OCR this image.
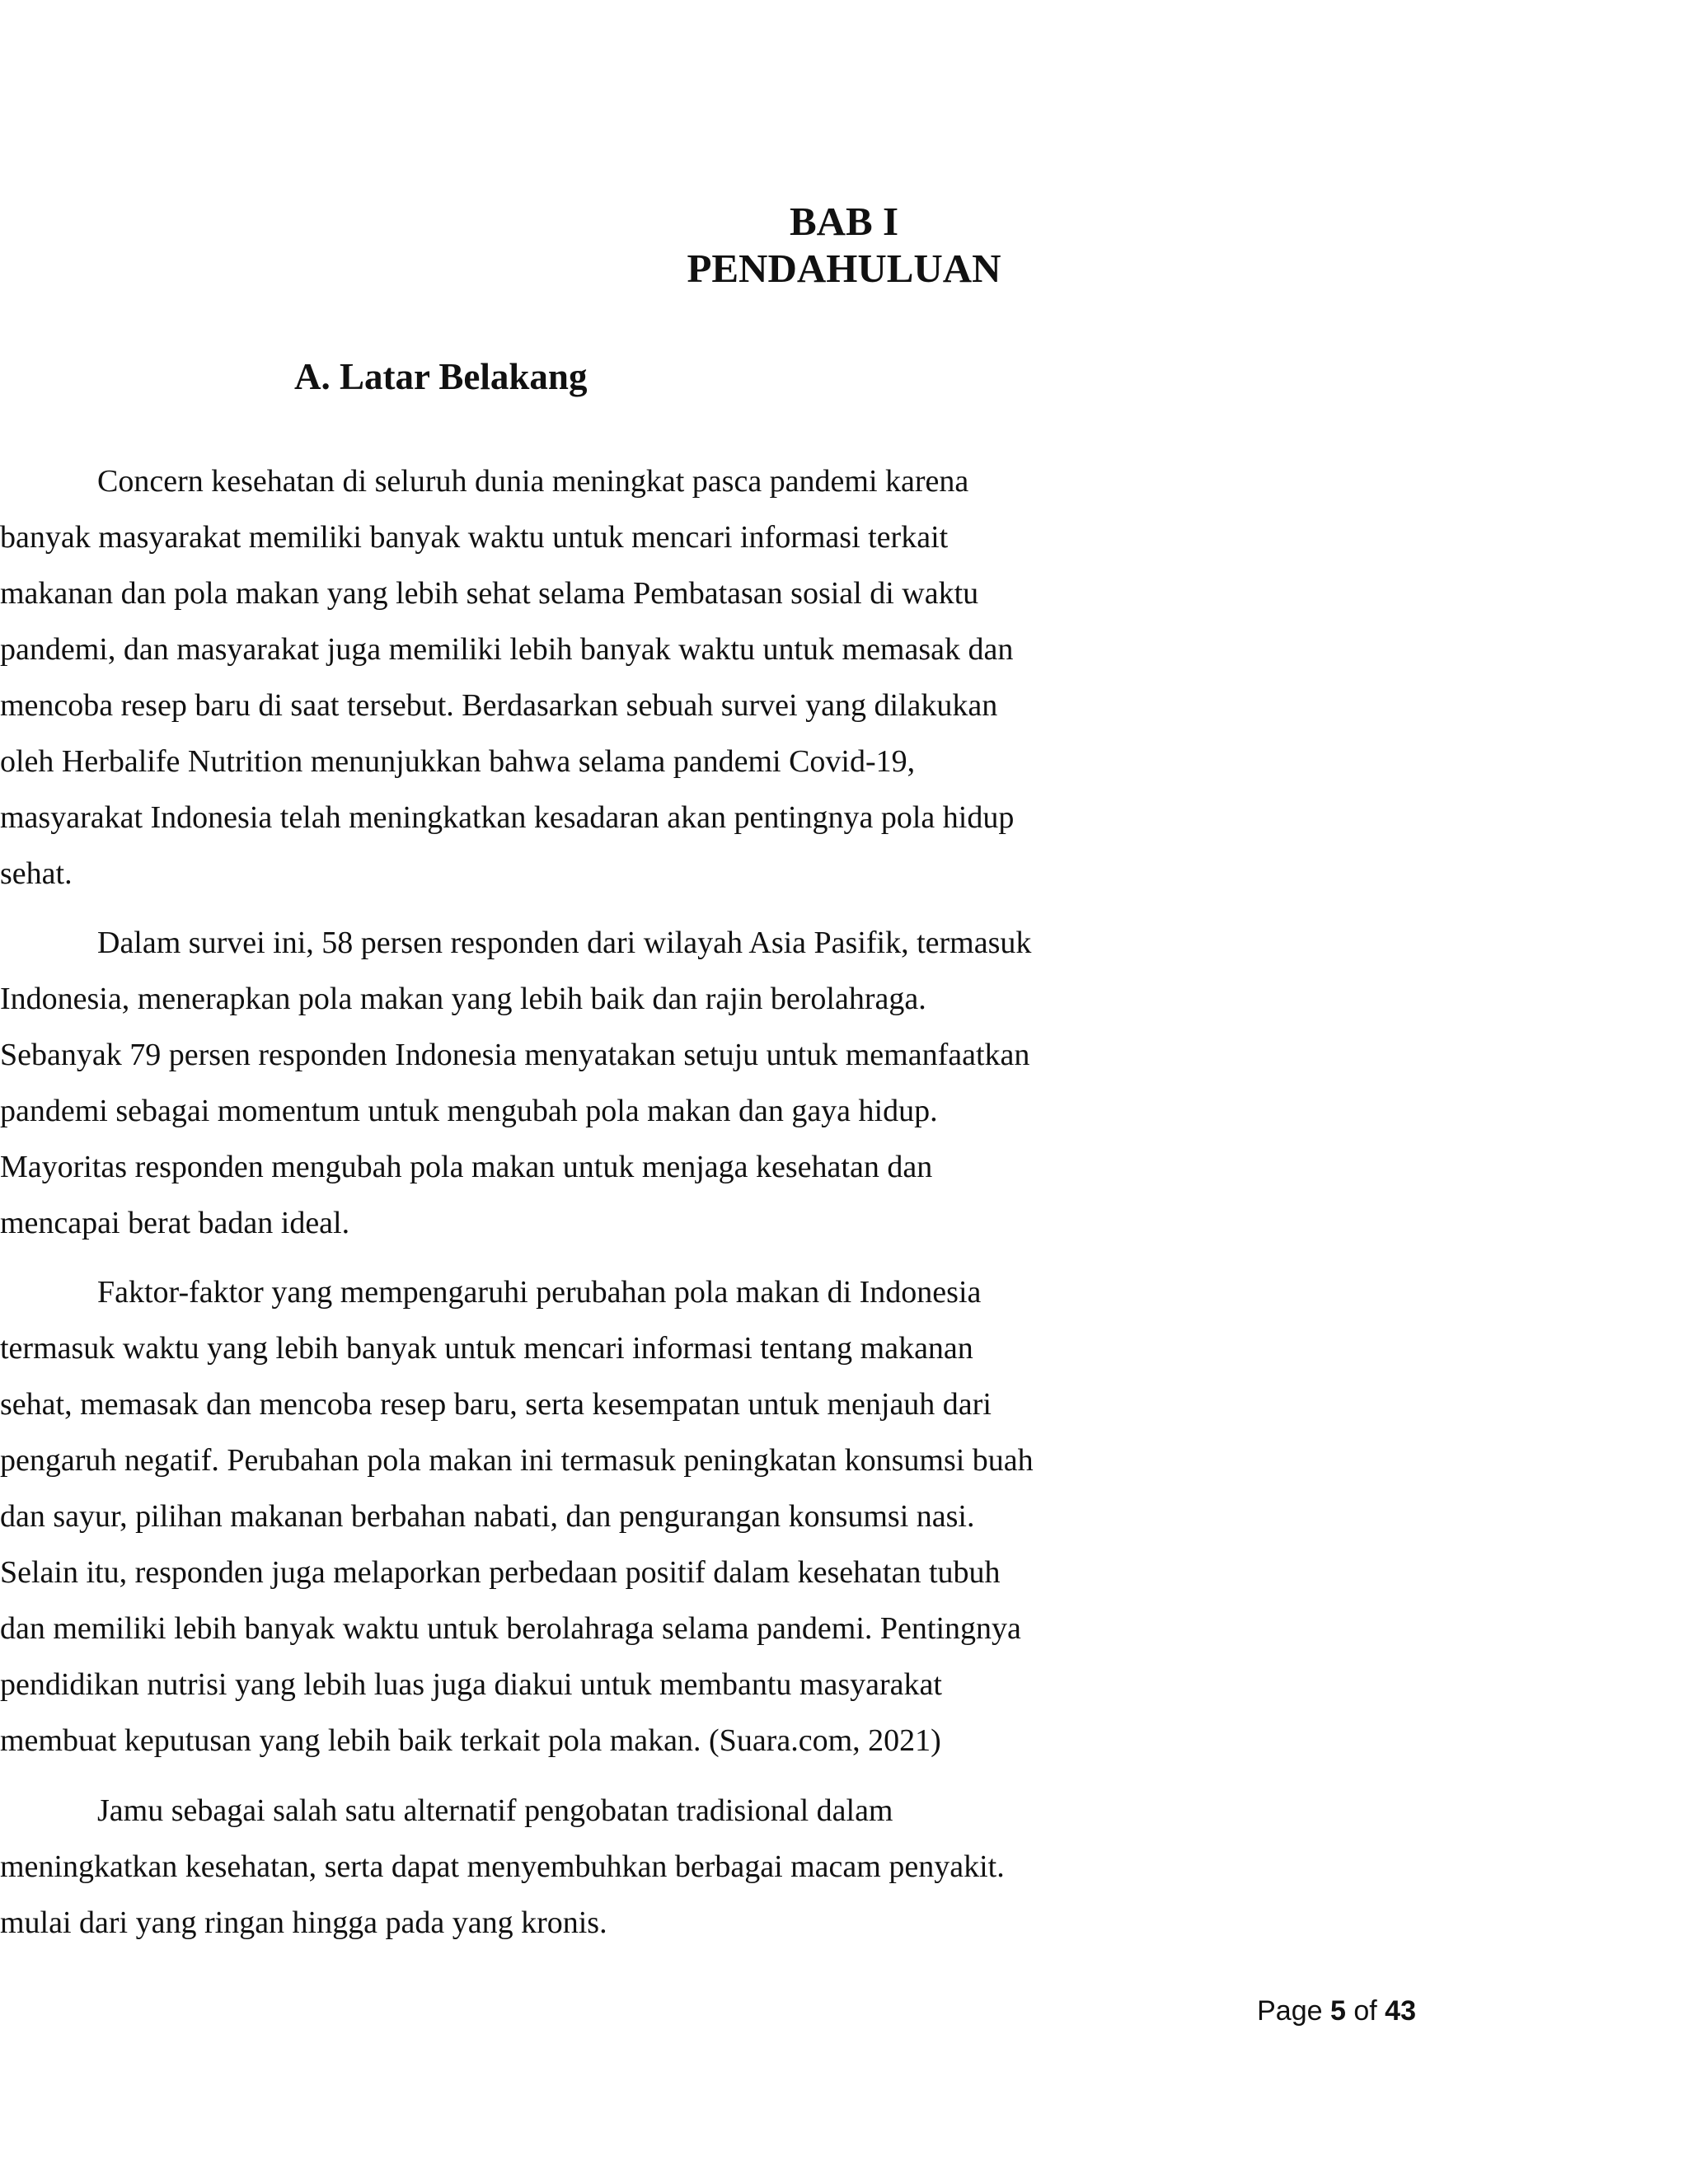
BAB I
PENDAHULUAN
A. Latar Belakang
Concern kesehatan di seluruh dunia meningkat pasca pandemi karena
banyak masyarakat memiliki banyak waktu untuk mencari informasi terkait
makanan dan pola makan yang lebih sehat selama Pembatasan sosial di waktu
pandemi, dan masyarakat juga memiliki lebih banyak waktu untuk memasak dan
mencoba resep baru di saat tersebut. Berdasarkan sebuah survei yang dilakukan
oleh Herbalife Nutrition menunjukkan bahwa selama pandemi Covid-19,
masyarakat Indonesia telah meningkatkan kesadaran akan pentingnya pola hidup
sehat.
Dalam survei ini, 58 persen responden dari wilayah Asia Pasifik, termasuk
Indonesia, menerapkan pola makan yang lebih baik dan rajin berolahraga.
Sebanyak 79 persen responden Indonesia menyatakan setuju untuk memanfaatkan
pandemi sebagai momentum untuk mengubah pola makan dan gaya hidup.
Mayoritas responden mengubah pola makan untuk menjaga kesehatan dan
mencapai berat badan ideal.
Faktor-faktor yang mempengaruhi perubahan pola makan di Indonesia
termasuk waktu yang lebih banyak untuk mencari informasi tentang makanan
sehat, memasak dan mencoba resep baru, serta kesempatan untuk menjauh dari
pengaruh negatif. Perubahan pola makan ini termasuk peningkatan konsumsi buah
dan sayur, pilihan makanan berbahan nabati, dan pengurangan konsumsi nasi.
Selain itu, responden juga melaporkan perbedaan positif dalam kesehatan tubuh
dan memiliki lebih banyak waktu untuk berolahraga selama pandemi. Pentingnya
pendidikan nutrisi yang lebih luas juga diakui untuk membantu masyarakat
membuat keputusan yang lebih baik terkait pola makan. (Suara.com, 2021)
Jamu sebagai salah satu alternatif pengobatan tradisional dalam
meningkatkan kesehatan, serta dapat menyembuhkan berbagai macam penyakit.
mulai dari yang ringan hingga pada yang kronis.
Page 5 of 43
